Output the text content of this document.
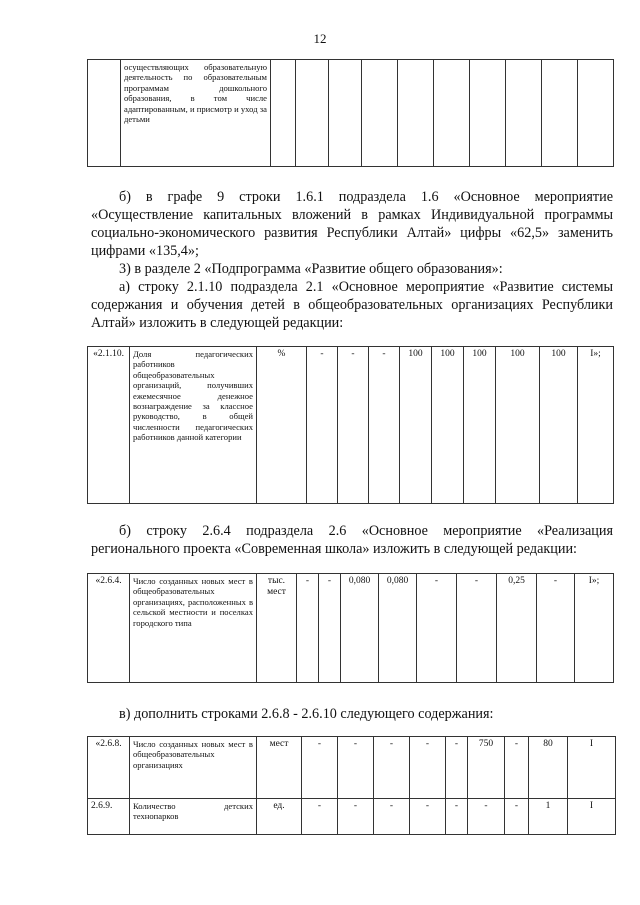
12
	осуществляющих образовательную деятельность по образовательным программам дошкольного образования, в том числе адаптированным, и присмотр и уход за детьми										
б) в графе 9 строки 1.6.1 подраздела 1.6 «Основное мероприятие «Осуществление капитальных вложений в рамках Индивидуальной программы социально-экономического развития Республики Алтай» цифры «62,5» заменить цифрами «135,4»;
3) в разделе 2 «Подпрограмма «Развитие общего образования»:
а) строку 2.1.10 подраздела 2.1 «Основное мероприятие «Развитие системы содержания и обучения детей в общеобразовательных организациях Республики Алтай» изложить в следующей редакции:
«2.1.10.	Доля педагогических работников общеобразовательных организаций, получивших ежемесячное денежное вознаграждение за классное руководство, в общей численности педагогических работников данной категории	%	-	-	-	100	100	100	100	100	I»;
б) строку 2.6.4 подраздела 2.6 «Основное мероприятие «Реализация регионального проекта «Современная школа» изложить в следующей редакции:
«2.6.4.	Число созданных новых мест в общеобразовательных организациях, расположенных в сельской местности и поселках городского типа	тыс. мест	-	-	0,080	0,080	-	-	0,25	-	I»;
в) дополнить строками 2.6.8 - 2.6.10 следующего содержания:
«2.6.8.	Число созданных новых мест в общеобразовательных организациях	мест	-	-	-	-	-	750	-	80	I
2.6.9.	Количество детских технопарков	ед.	-	-	-	-	-	-	-	1	I
